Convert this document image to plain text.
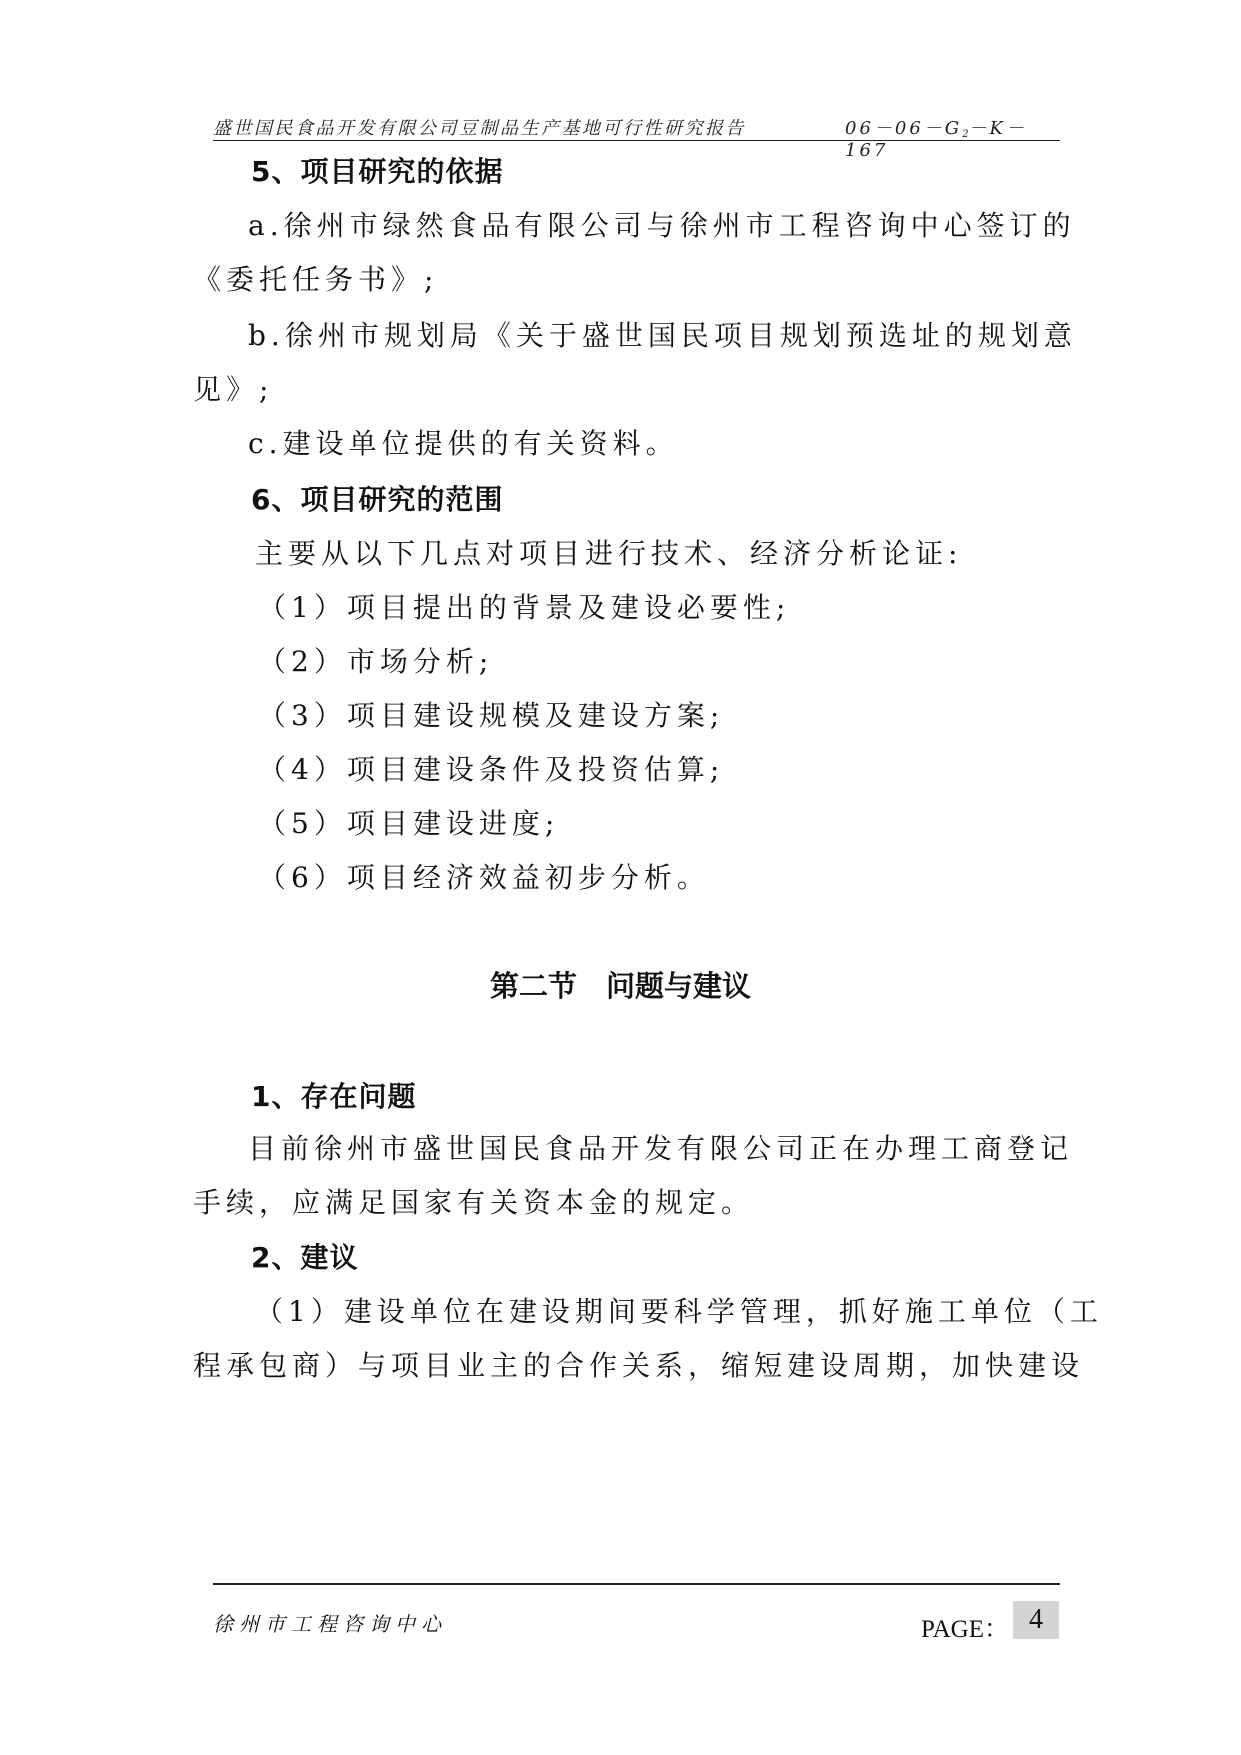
盛世国民食品开发有限公司豆制品生产基地可行性研究报告	$06-06-G_2-K-167$
5、项目研究的依据
a.徐州市绿然食品有限公司与徐州市工程咨询中心签订的
《委托任务书》;
b.徐州市规划局《关于盛世国民项目规划预选址的规划意
见》;
c.建设单位提供的有关资料。
6、项目研究的范围
主要从以下几点对项目进行技术、经济分析论证:
（1）项目提出的背景及建设必要性;
（2）市场分析;
（3）项目建设规模及建设方案;
（4）项目建设条件及投资估算;
（5）项目建设进度;
（6）项目经济效益初步分析。
第二节　问题与建议
1、存在问题
目前徐州市盛世国民食品开发有限公司正在办理工商登记
手续，应满足国家有关资本金的规定。
2、建议
（1）建设单位在建设期间要科学管理，抓好施工单位（工
程承包商）与项目业主的合作关系，缩短建设周期，加快建设
徐州市工程咨询中心	PAGE： 4
